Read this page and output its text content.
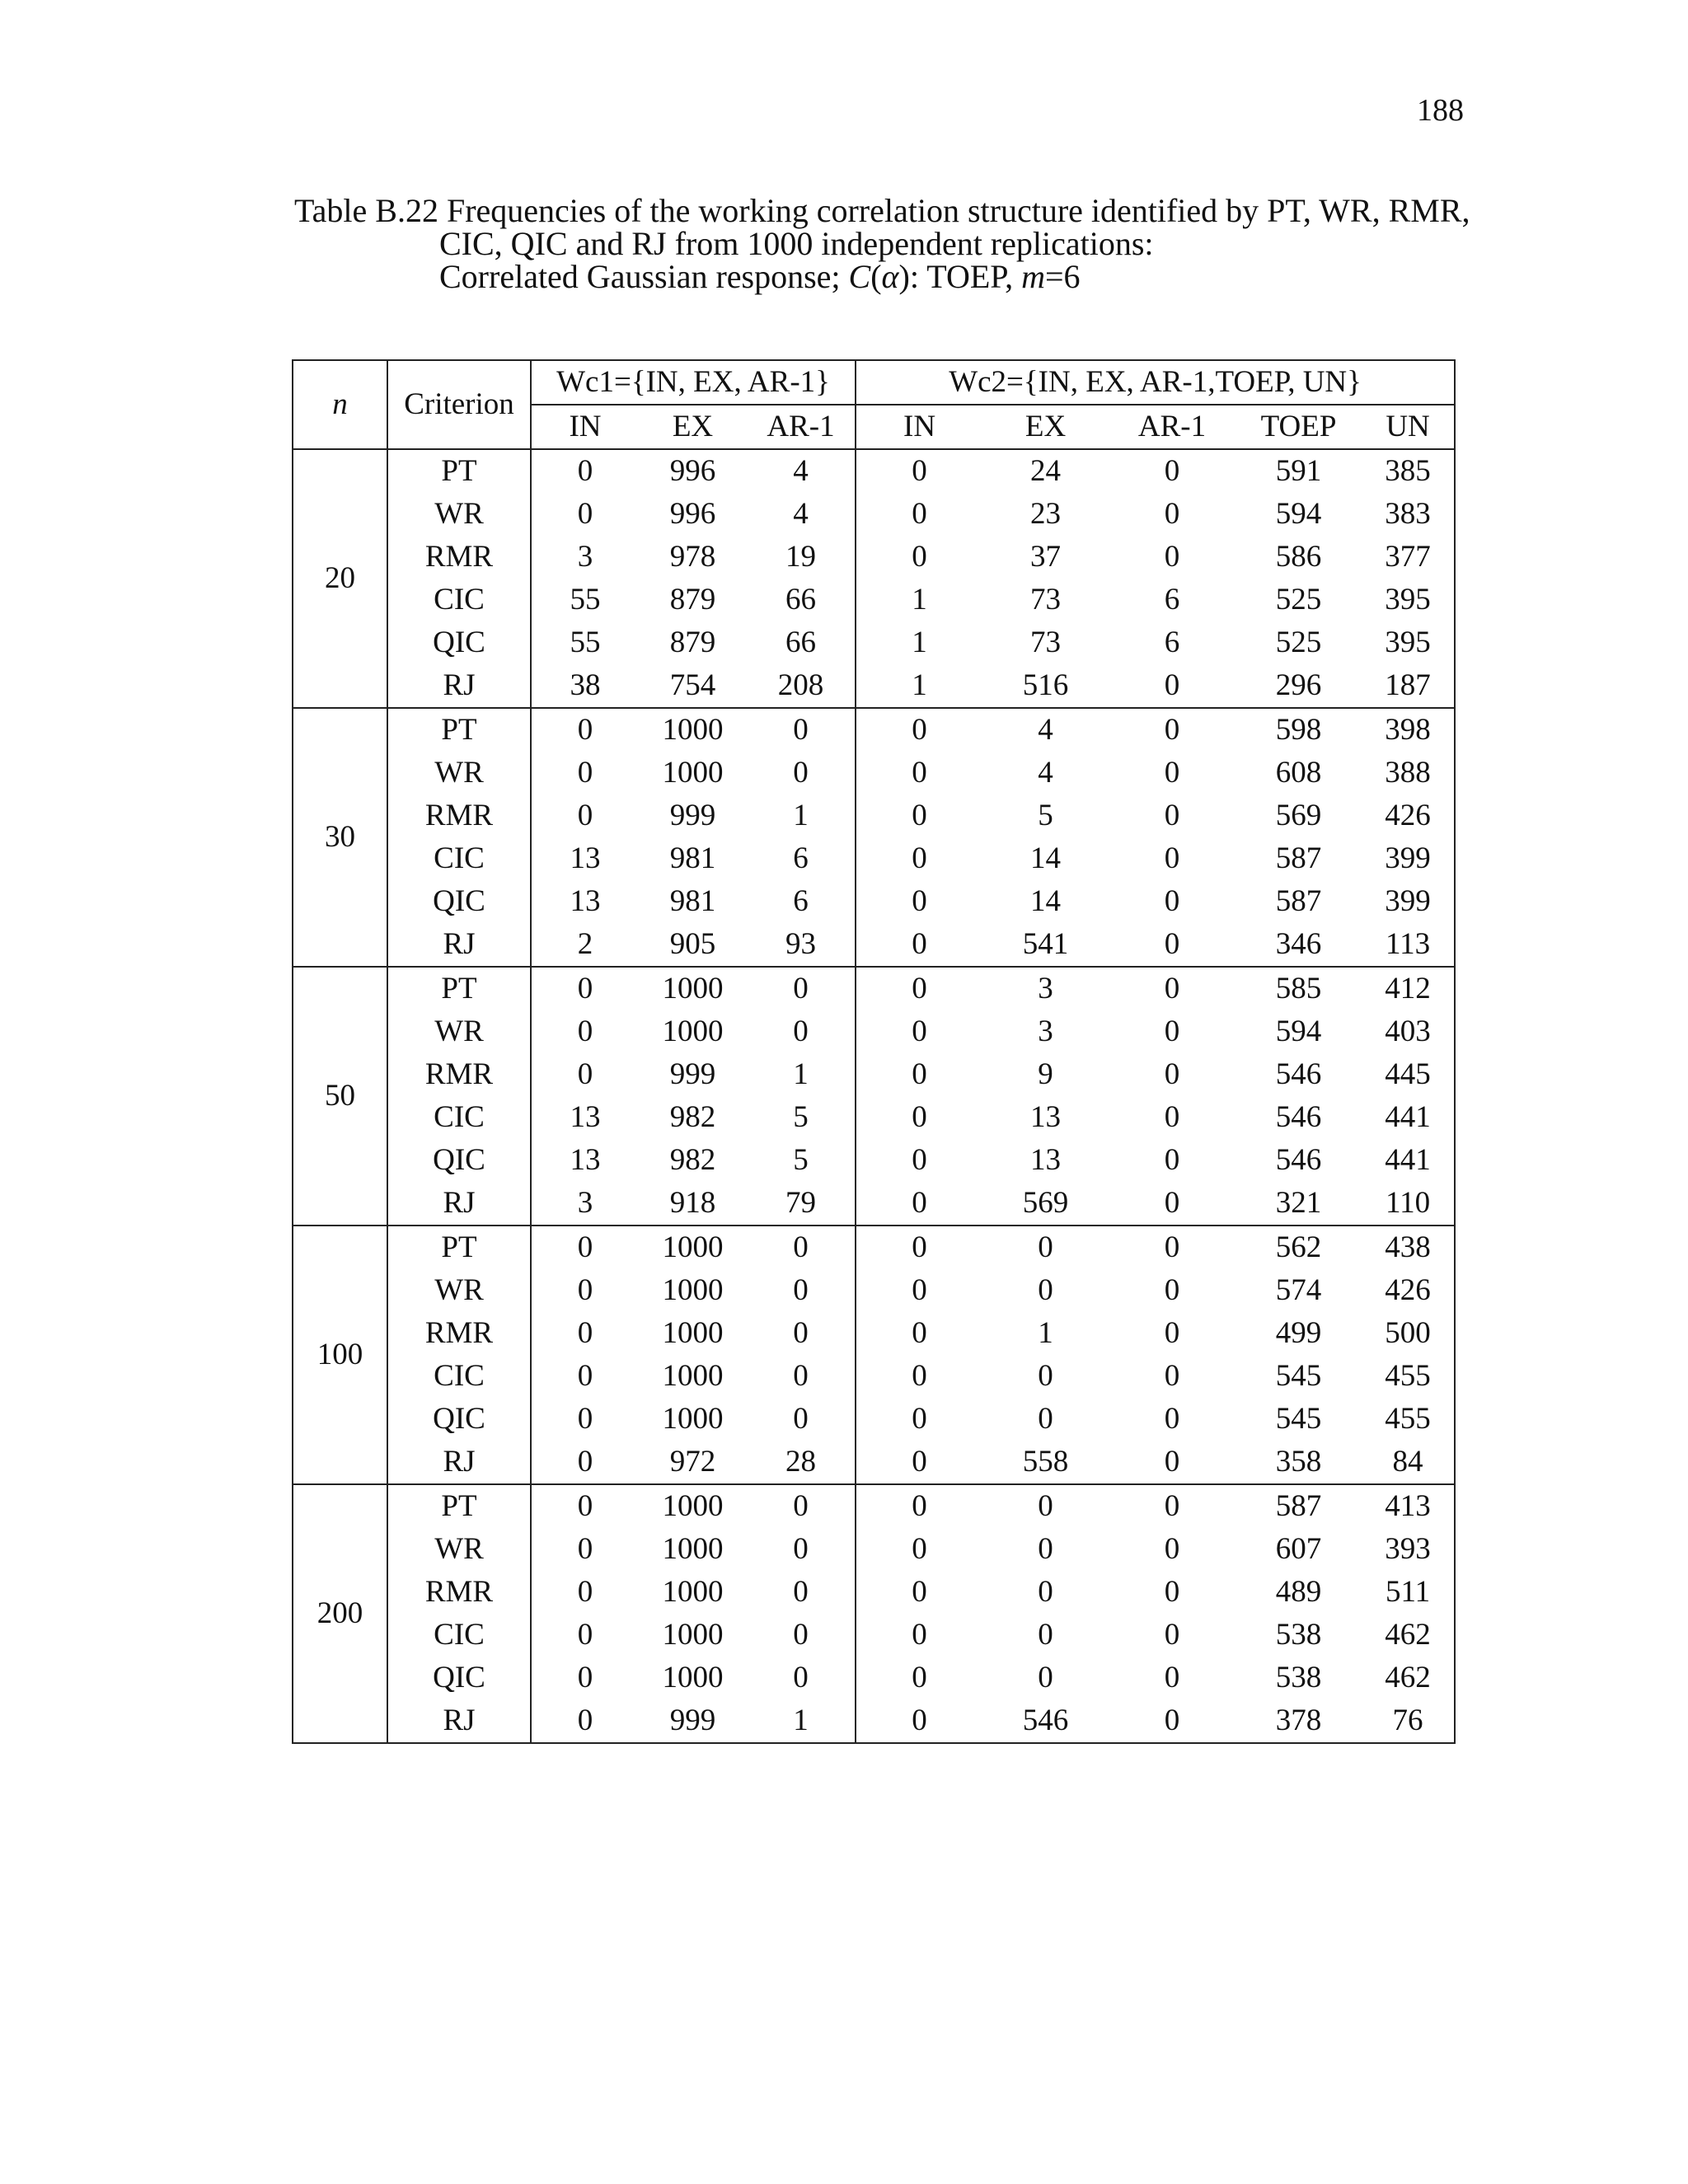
188
Table B.22 Frequencies of the working correlation structure identified by PT, WR, RMR,
CIC, QIC and RJ from 1000 independent replications:
Correlated Gaussian response; C(α): TOEP, m=6
n	Criterion	Wc1={IN, EX, AR-1}			Wc2={IN, EX, AR-1,TOEP, UN}				
		IN	EX	AR-1	IN	EX	AR-1	TOEP	UN
20	PT	0	996	4	0	24	0	591	385
	WR	0	996	4	0	23	0	594	383
	RMR	3	978	19	0	37	0	586	377
	CIC	55	879	66	1	73	6	525	395
	QIC	55	879	66	1	73	6	525	395
	RJ	38	754	208	1	516	0	296	187
30	PT	0	1000	0	0	4	0	598	398
	WR	0	1000	0	0	4	0	608	388
	RMR	0	999	1	0	5	0	569	426
	CIC	13	981	6	0	14	0	587	399
	QIC	13	981	6	0	14	0	587	399
	RJ	2	905	93	0	541	0	346	113
50	PT	0	1000	0	0	3	0	585	412
	WR	0	1000	0	0	3	0	594	403
	RMR	0	999	1	0	9	0	546	445
	CIC	13	982	5	0	13	0	546	441
	QIC	13	982	5	0	13	0	546	441
	RJ	3	918	79	0	569	0	321	110
100	PT	0	1000	0	0	0	0	562	438
	WR	0	1000	0	0	0	0	574	426
	RMR	0	1000	0	0	1	0	499	500
	CIC	0	1000	0	0	0	0	545	455
	QIC	0	1000	0	0	0	0	545	455
	RJ	0	972	28	0	558	0	358	84
200	PT	0	1000	0	0	0	0	587	413
	WR	0	1000	0	0	0	0	607	393
	RMR	0	1000	0	0	0	0	489	511
	CIC	0	1000	0	0	0	0	538	462
	QIC	0	1000	0	0	0	0	538	462
	RJ	0	999	1	0	546	0	378	76
